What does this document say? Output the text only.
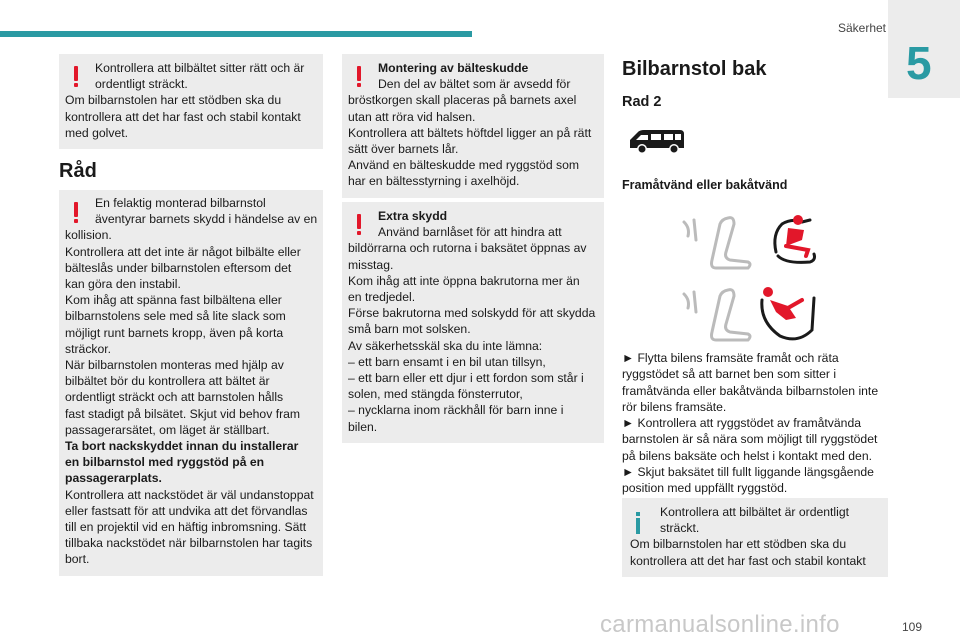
Säkerhet
5
Kontrollera att bilbältet sitter rätt och är
ordentligt sträckt.
Om bilbarnstolen har ett stödben ska du
kontrollera att det har fast och stabil kontakt
med golvet.
Råd
En felaktig monterad bilbarnstol
äventyrar barnets skydd i händelse av en
kollision.
Kontrollera att det inte är något bilbälte eller
bälteslås under bilbarnstolen eftersom det
kan göra den instabil.
Kom ihåg att spänna fast bilbältena eller
bilbarnstolens sele med så lite slack som
möjligt runt barnets kropp, även på korta
sträckor.
När bilbarnstolen monteras med hjälp av
bilbältet bör du kontrollera att bältet är
ordentligt sträckt och att barnstolen hålls
fast stadigt på bilsätet. Skjut vid behov fram
passagerarsätet, om läget är ställbart.
Ta bort nackskyddet innan du installerar
en bilbarnstol med ryggstöd på en
passagerarplats.
Kontrollera att nackstödet är väl undanstoppat
eller fastsatt för att undvika att det förvandlas
till en projektil vid en häftig inbromsning. Sätt
tillbaka nackstödet när bilbarnstolen har tagits
bort.
Montering av bälteskudde
Den del av bältet som är avsedd för
bröstkorgen skall placeras på barnets axel
utan att röra vid halsen.
Kontrollera att bältets höftdel ligger an på rätt
sätt över barnets lår.
Använd en bälteskudde med ryggstöd som
har en bältesstyrning i axelhöjd.
Extra skydd
Använd barnlåset för att hindra att
bildörrarna och rutorna i baksätet öppnas av
misstag.
Kom ihåg att inte öppna bakrutorna mer än
en tredjedel.
Förse bakrutorna med solskydd för att skydda
små barn mot solsken.
Av säkerhetsskäl ska du inte lämna:
– ett barn ensamt i en bil utan tillsyn,
– ett barn eller ett djur i ett fordon som står i
solen, med stängda fönsterrutor,
– nycklarna inom räckhåll för barn inne i
bilen.
Bilbarnstol bak
Rad 2
Framåtvänd eller bakåtvänd
► Flytta bilens framsäte framåt och räta
ryggstödet så att barnet ben som sitter i
framåtvända eller bakåtvända bilbarnstolen inte
rör bilens framsäte.
► Kontrollera att ryggstödet av framåtvända
barnstolen är så nära som möjligt till ryggstödet
på bilens baksäte och helst i kontakt med den.
► Skjut baksätet till fullt liggande längsgående
position med uppfällt ryggstöd.
Kontrollera att bilbältet är ordentligt
sträckt.
Om bilbarnstolen har ett stödben ska du
kontrollera att det har fast och stabil kontakt
109
carmanualsonline.info
